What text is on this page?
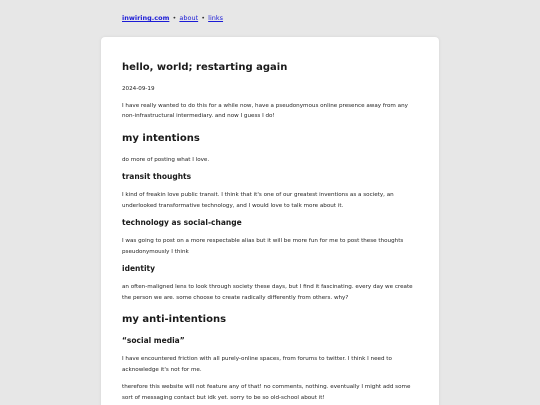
inwiring.com • about • links
hello, world; restarting again

2024-09-19

I have really wanted to do this for a while now, have a pseudonymous online presence away from any non-infrastructural intermediary. and now I guess I do!

my intentions

do more of posting what I love.

transit thoughts

I kind of freakin love public transit. I think that it's one of our greatest inventions as a society, an underlooked transformative technology, and I would love to talk more about it.

technology as social-change

I was going to post on a more respectable alias but it will be more fun for me to post these thoughts pseudonymously I think

identity

an often-maligned lens to look through society these days, but I find it fascinating. every day we create the person we are. some choose to create radically differently from others. why?

my anti-intentions
“social media”

I have encountered friction with all purely-online spaces, from forums to twitter. I think I need to acknowledge it's not for me.

therefore this website will not feature any of that! no comments, nothing. eventually I might add some sort of messaging contact but idk yet. sorry to be so old-school about it!
